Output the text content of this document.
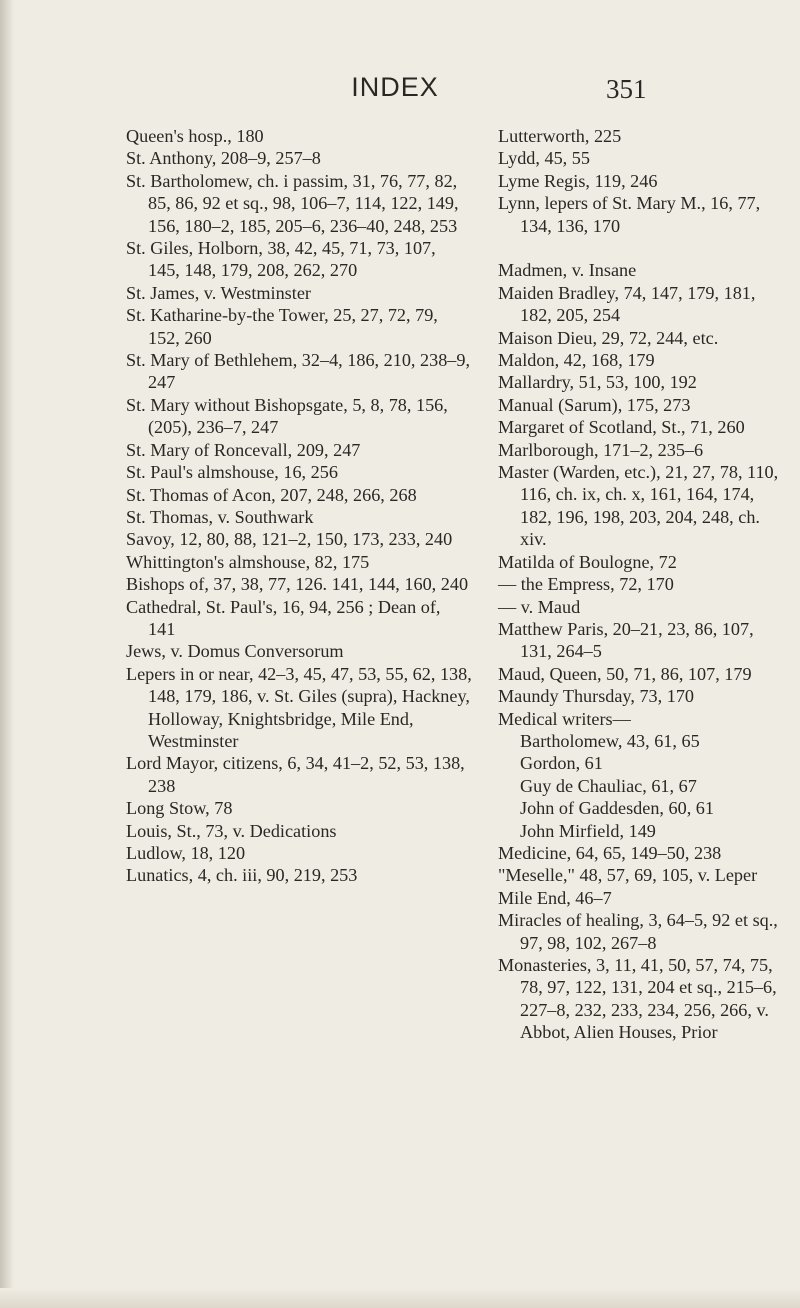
INDEX	351
Queen's hosp., 180
St. Anthony, 208–9, 257–8
St. Bartholomew, ch. i passim, 31, 76, 77, 82, 85, 86, 92 et sq., 98, 106–7, 114, 122, 149, 156, 180–2, 185, 205–6, 236–40, 248, 253
St. Giles, Holborn, 38, 42, 45, 71, 73, 107, 145, 148, 179, 208, 262, 270
St. James, v. Westminster
St. Katharine-by-the Tower, 25, 27, 72, 79, 152, 260
St. Mary of Bethlehem, 32–4, 186, 210, 238–9, 247
St. Mary without Bishopsgate, 5, 8, 78, 156, (205), 236–7, 247
St. Mary of Roncevall, 209, 247
St. Paul's almshouse, 16, 256
St. Thomas of Acon, 207, 248, 266, 268
St. Thomas, v. Southwark
Savoy, 12, 80, 88, 121–2, 150, 173, 233, 240
Whittington's almshouse, 82, 175
Bishops of, 37, 38, 77, 126. 141, 144, 160, 240
Cathedral, St. Paul's, 16, 94, 256 ; Dean of, 141
Jews, v. Domus Conversorum
Lepers in or near, 42–3, 45, 47, 53, 55, 62, 138, 148, 179, 186, v. St. Giles (supra), Hackney, Holloway, Knightsbridge, Mile End, Westminster
Lord Mayor, citizens, 6, 34, 41–2, 52, 53, 138, 238
Long Stow, 78
Louis, St., 73, v. Dedications
Ludlow, 18, 120
Lunatics, 4, ch. iii, 90, 219, 253
Lutterworth, 225
Lydd, 45, 55
Lyme Regis, 119, 246
Lynn, lepers of St. Mary M., 16, 77, 134, 136, 170
Madmen, v. Insane
Maiden Bradley, 74, 147, 179, 181, 182, 205, 254
Maison Dieu, 29, 72, 244, etc.
Maldon, 42, 168, 179
Mallardry, 51, 53, 100, 192
Manual (Sarum), 175, 273
Margaret of Scotland, St., 71, 260
Marlborough, 171–2, 235–6
Master (Warden, etc.), 21, 27, 78, 110, 116, ch. ix, ch. x, 161, 164, 174, 182, 196, 198, 203, 204, 248, ch. xiv.
Matilda of Boulogne, 72
— the Empress, 72, 170
— v. Maud
Matthew Paris, 20–21, 23, 86, 107, 131, 264–5
Maud, Queen, 50, 71, 86, 107, 179
Maundy Thursday, 73, 170
Medical writers—
Bartholomew, 43, 61, 65
Gordon, 61
Guy de Chauliac, 61, 67
John of Gaddesden, 60, 61
John Mirfield, 149
Medicine, 64, 65, 149–50, 238
"Meselle," 48, 57, 69, 105, v. Leper
Mile End, 46–7
Miracles of healing, 3, 64–5, 92 et sq., 97, 98, 102, 267–8
Monasteries, 3, 11, 41, 50, 57, 74, 75, 78, 97, 122, 131, 204 et sq., 215–6, 227–8, 232, 233, 234, 256, 266, v. Abbot, Alien Houses, Prior
